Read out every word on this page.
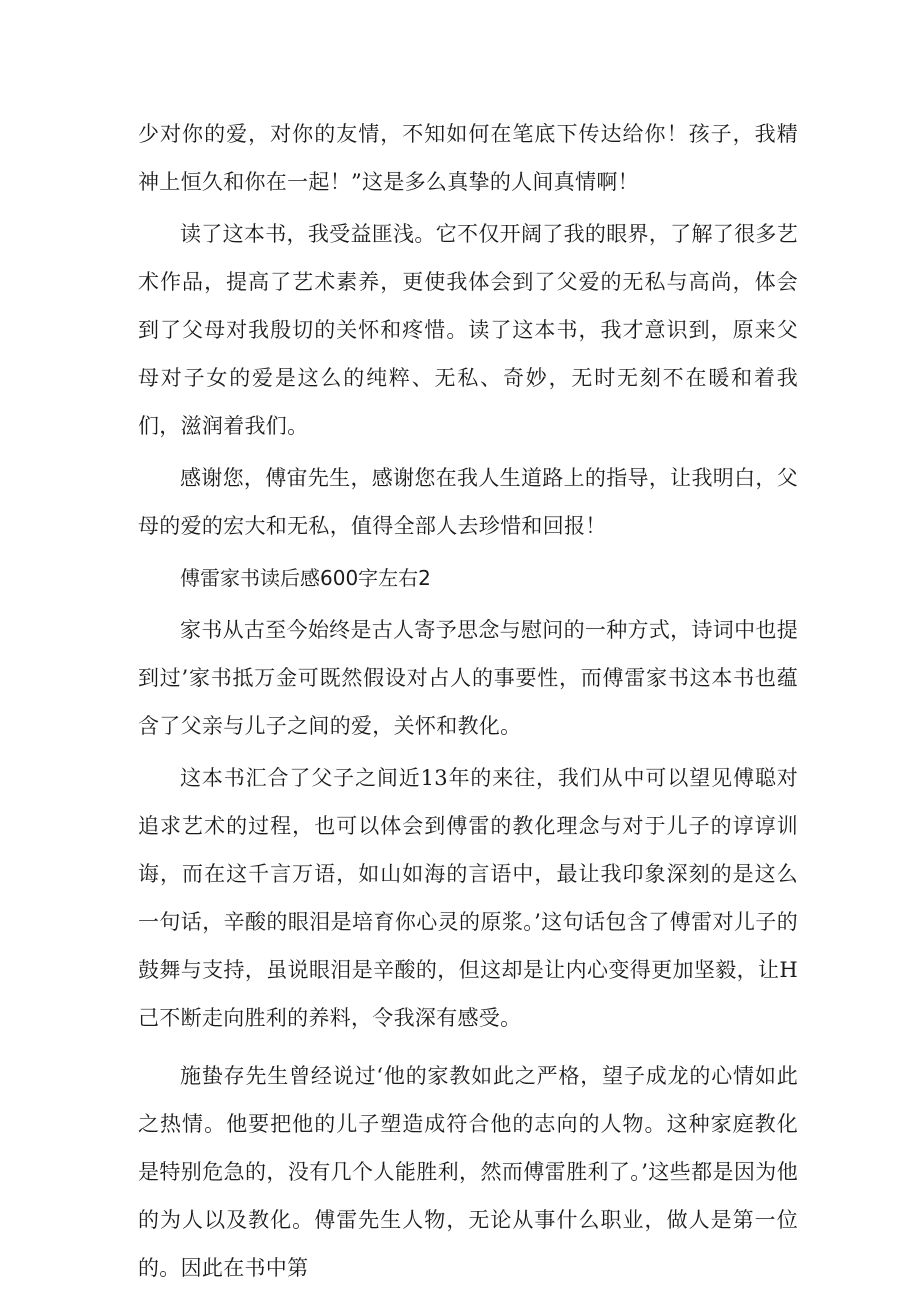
少对你的爱，对你的友情，不知如何在笔底下传达给你！孩子，我精神上恒久和你在一起！”这是多么真挚的人间真情啊！

读了这本书，我受益匪浅。它不仅开阔了我的眼界，了解了很多艺术作品，提高了艺术素养，更使我体会到了父爱的无私与高尚，体会到了父母对我殷切的关怀和疼惜。读了这本书，我才意识到，原来父母对子女的爱是这么的纯粹、无私、奇妙，无时无刻不在暖和着我们，滋润着我们。

感谢您，傅宙先生，感谢您在我人生道路上的指导，让我明白，父母的爱的宏大和无私，值得全部人去珍惜和回报！

傅雷家书读后感600字左右2

家书从古至今始终是古人寄予思念与慰问的一种方式，诗词中也提到过’家书抵万金可既然假设对占人的事要性，而傅雷家书这本书也蕴含了父亲与儿子之间的爱，关怀和教化。

这本书汇合了父子之间近13年的来往，我们从中可以望见傅聪对追求艺术的过程，也可以体会到傅雷的教化理念与对于儿子的谆谆训诲，而在这千言万语，如山如海的言语中，最让我印象深刻的是这么一句话，辛酸的眼泪是培育你心灵的原浆。’这句话包含了傅雷对儿子的鼓舞与支持，虽说眼泪是辛酸的，但这却是让内心变得更加坚毅，让H己不断走向胜利的养料，令我深有感受。

施蛰存先生曾经说过‘他的家教如此之严格，望子成龙的心情如此之热情。他要把他的儿子塑造成符合他的志向的人物。这种家庭教化是特别危急的，没有几个人能胜利，然而傅雷胜利了。’这些都是因为他的为人以及教化。傅雷先生人物，无论从事什么职业，做人是第一位的。因此在书中第
